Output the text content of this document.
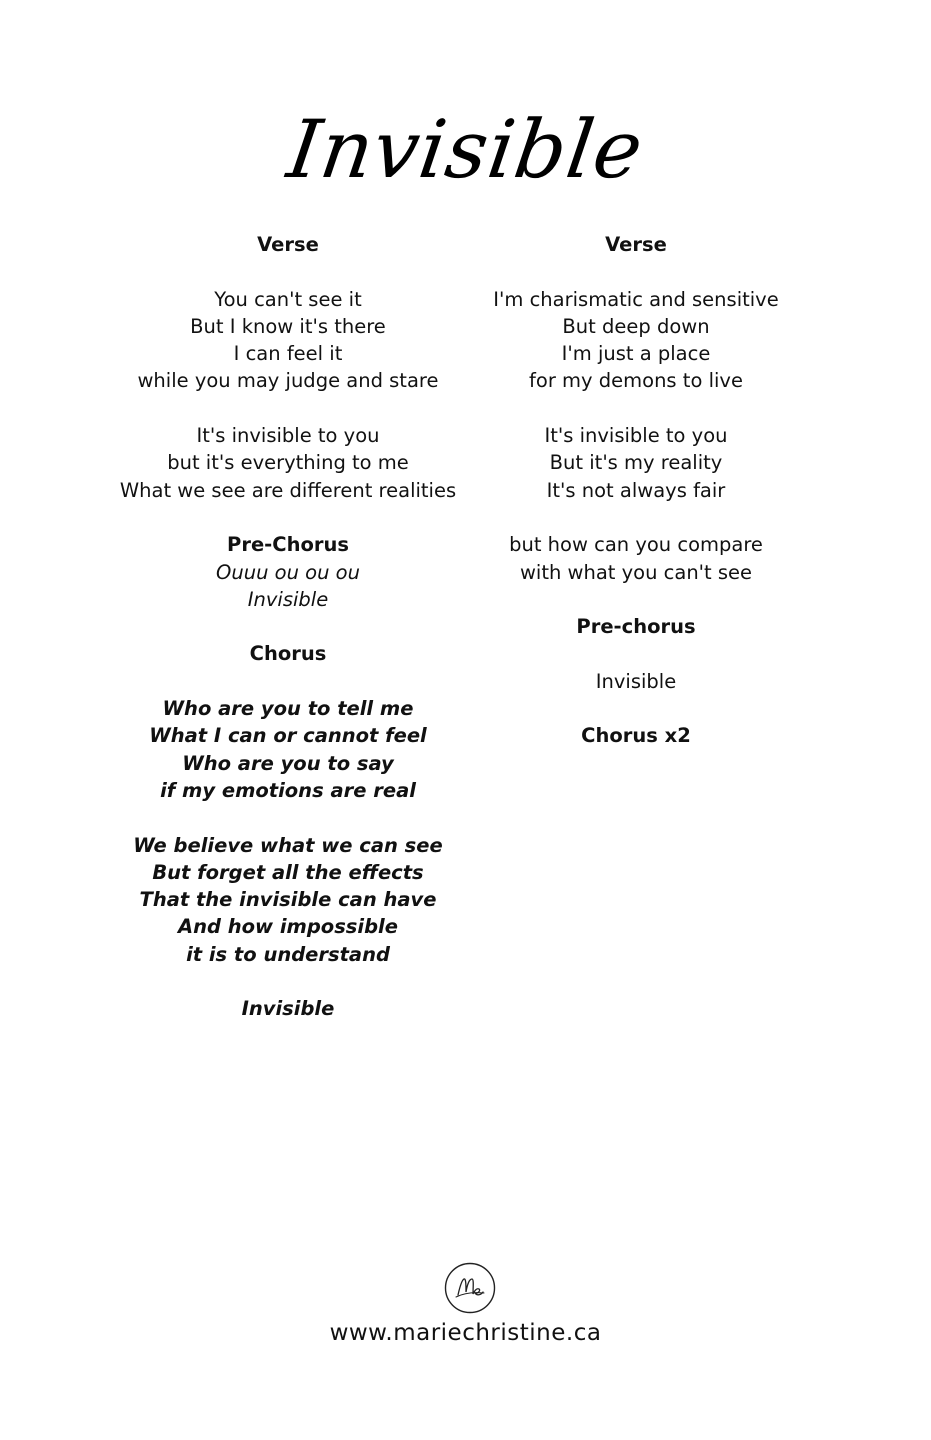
Invisible
Verse
You can't see it
But I know it's there
I can feel it
while you may judge and stare
It's invisible to you
but it's everything to me
What we see are different realities
Pre-Chorus
Ouuu ou ou ou
Invisible
Chorus
Who are you to tell me
What I can or cannot feel
Who are you to say
if my emotions are real
We believe what we can see
But forget all the effects
That the invisible can have
And how impossible
it is to understand
Invisible
Verse
I'm charismatic and sensitive
But deep down
I'm just a place
for my demons to live
It's invisible to you
But it's my reality
It's not always fair
but how can you compare
with what you can't see
Pre-chorus
Invisible
Chorus x2
www.mariechristine.ca
